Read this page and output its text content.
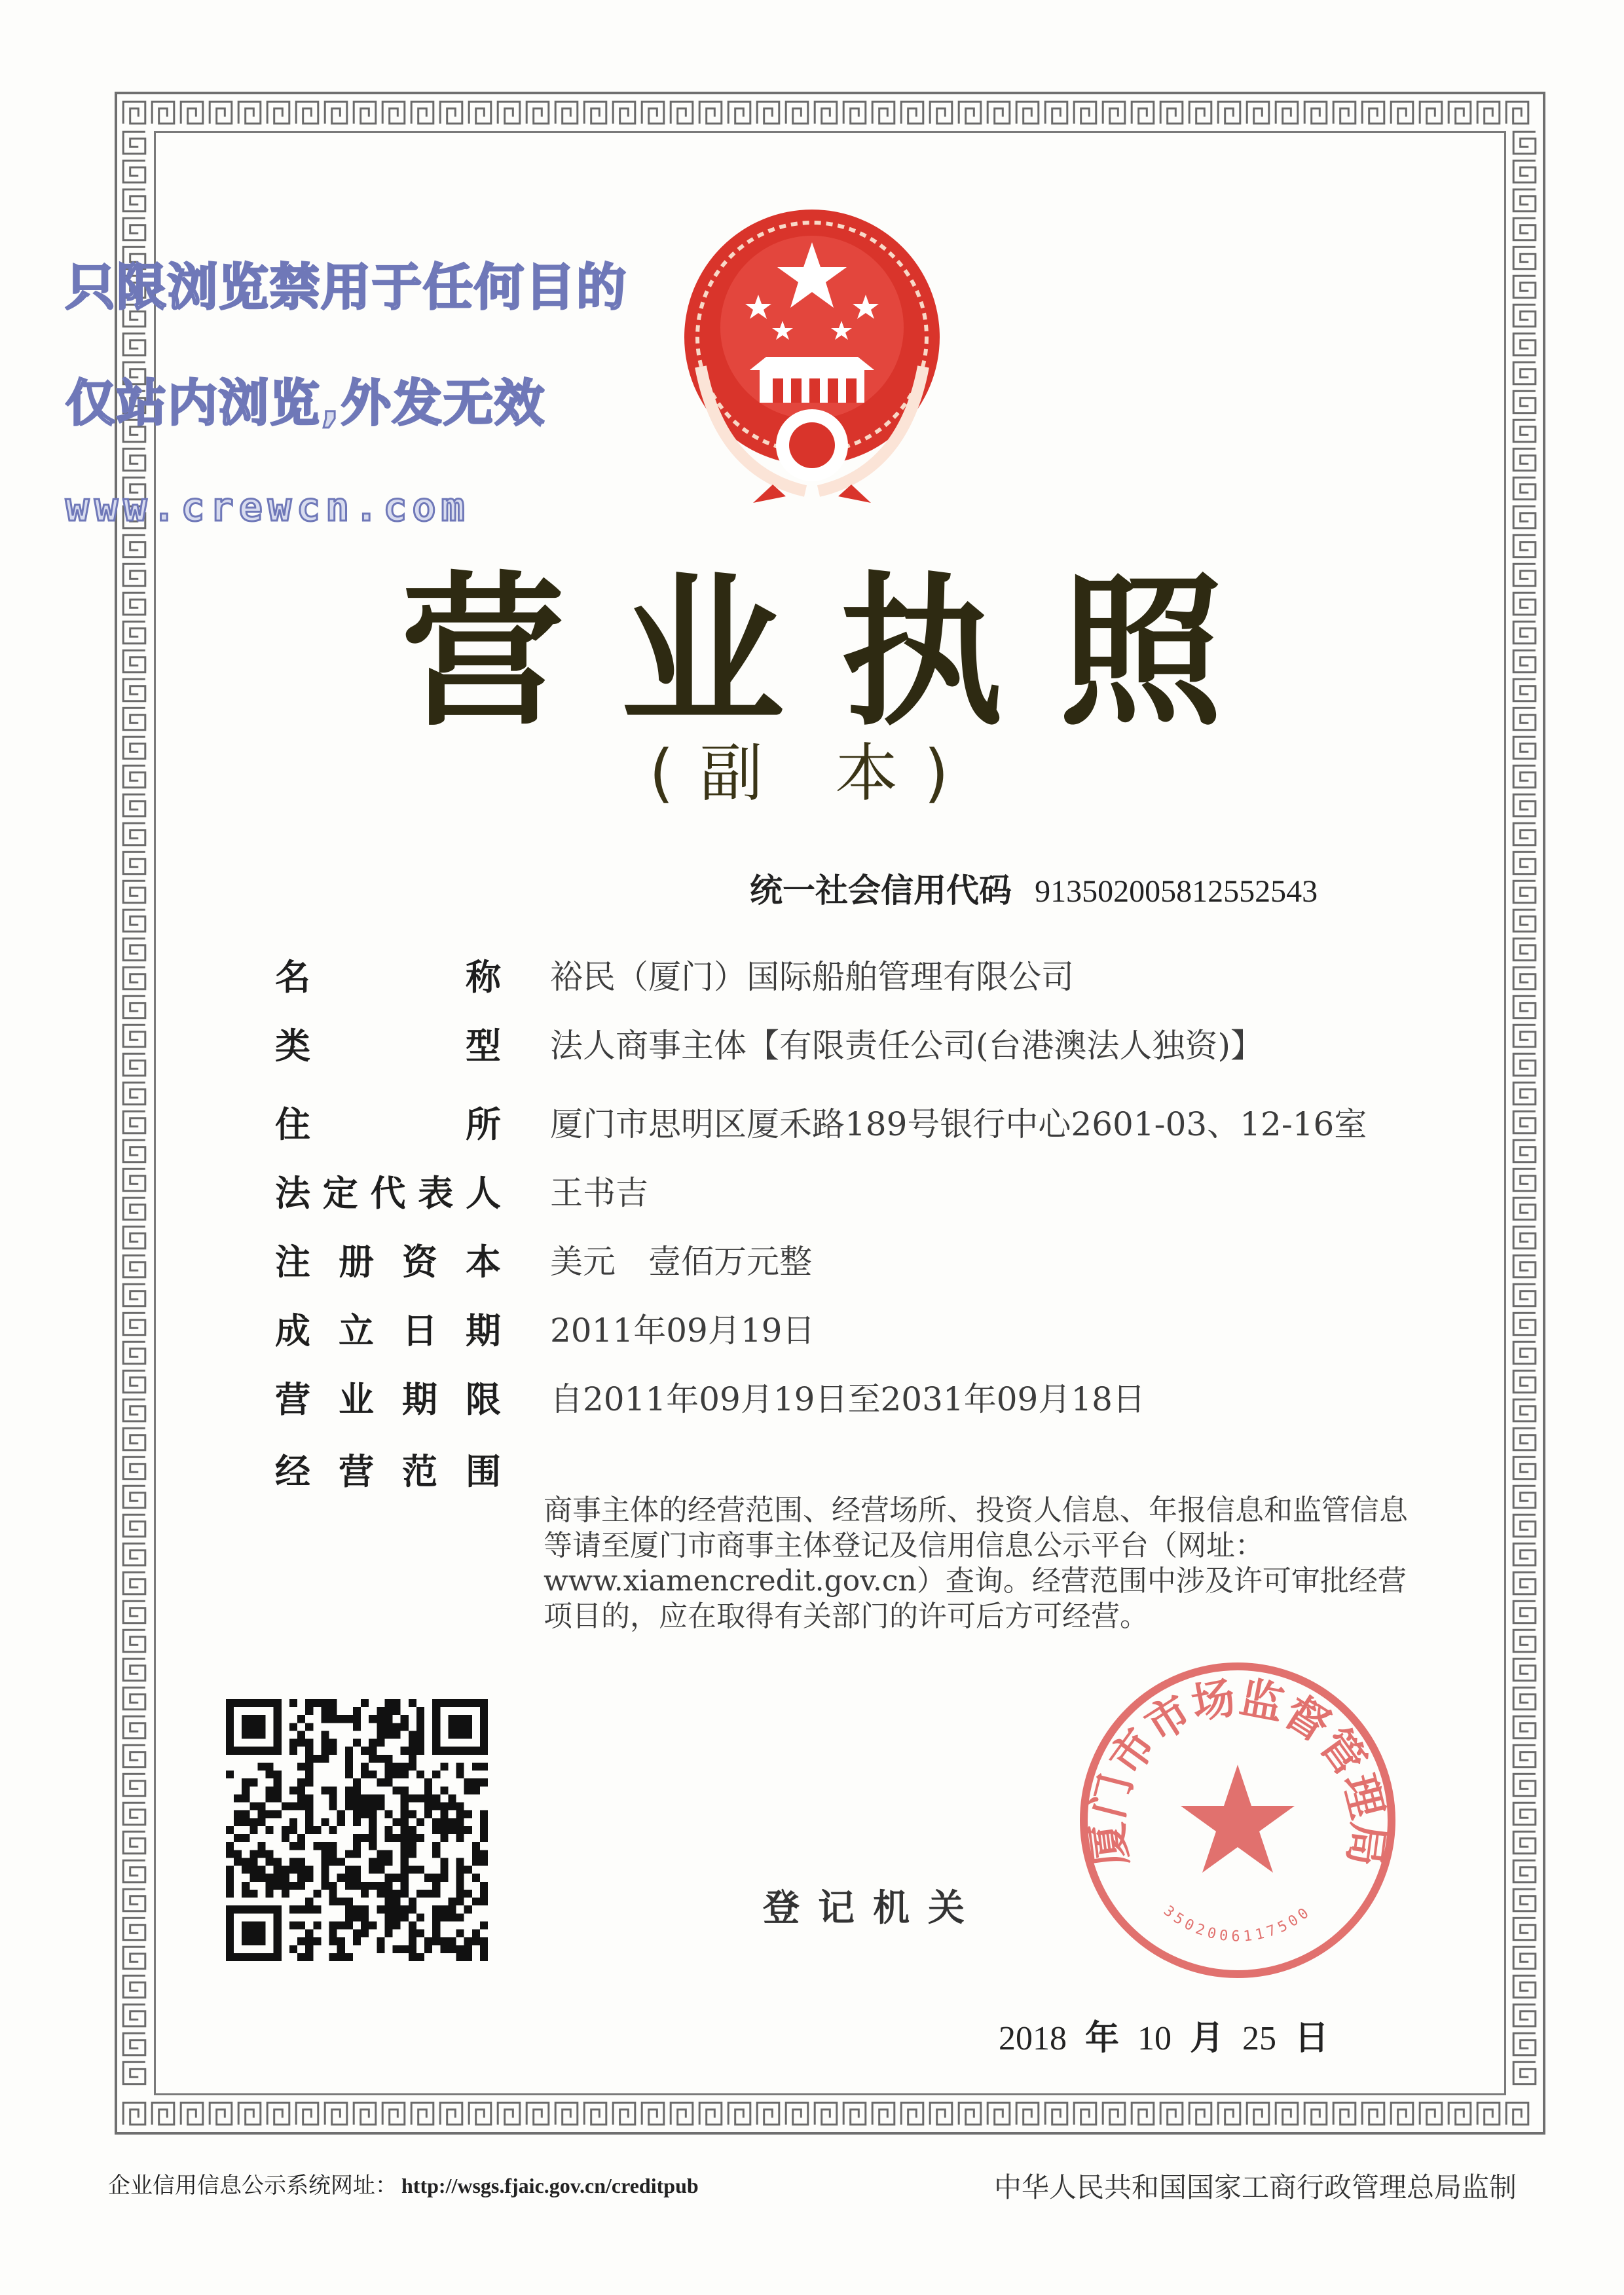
只限浏览禁用于任何目的
仅站内浏览,外发无效
www.crewcn.com
营业执照
(副 本)
统一社会信用代码 913502005812552543
名	称 裕民（厦门）国际船舶管理有限公司
类	型 法人商事主体【有限责任公司(台港澳法人独资)】
住	所 厦门市思明区厦禾路189号银行中心2601-03、12-16室
法 定 代 表 人 王书吉
注 册 资 本 美元　壹佰万元整
成 立 日 期 2011年09月19日
营 业 期 限 自2011年09月19日至2031年09月18日
经 营 范 围
商事主体的经营范围、经营场所、投资人信息、年报信息和监管信息等请至厦门市商事主体登记及信用信息公示平台（网址：www.xiamencredit.gov.cn）查询。经营范围中涉及许可审批经营项目的，应在取得有关部门的许可后方可经营。
登记机关
厦门市市场监督管理局
3502006117500
2018 年 10 月 25 日
企业信用信息公示系统网址： http://wsgs.fjaic.gov.cn/creditpub	中华人民共和国国家工商行政管理总局监制
